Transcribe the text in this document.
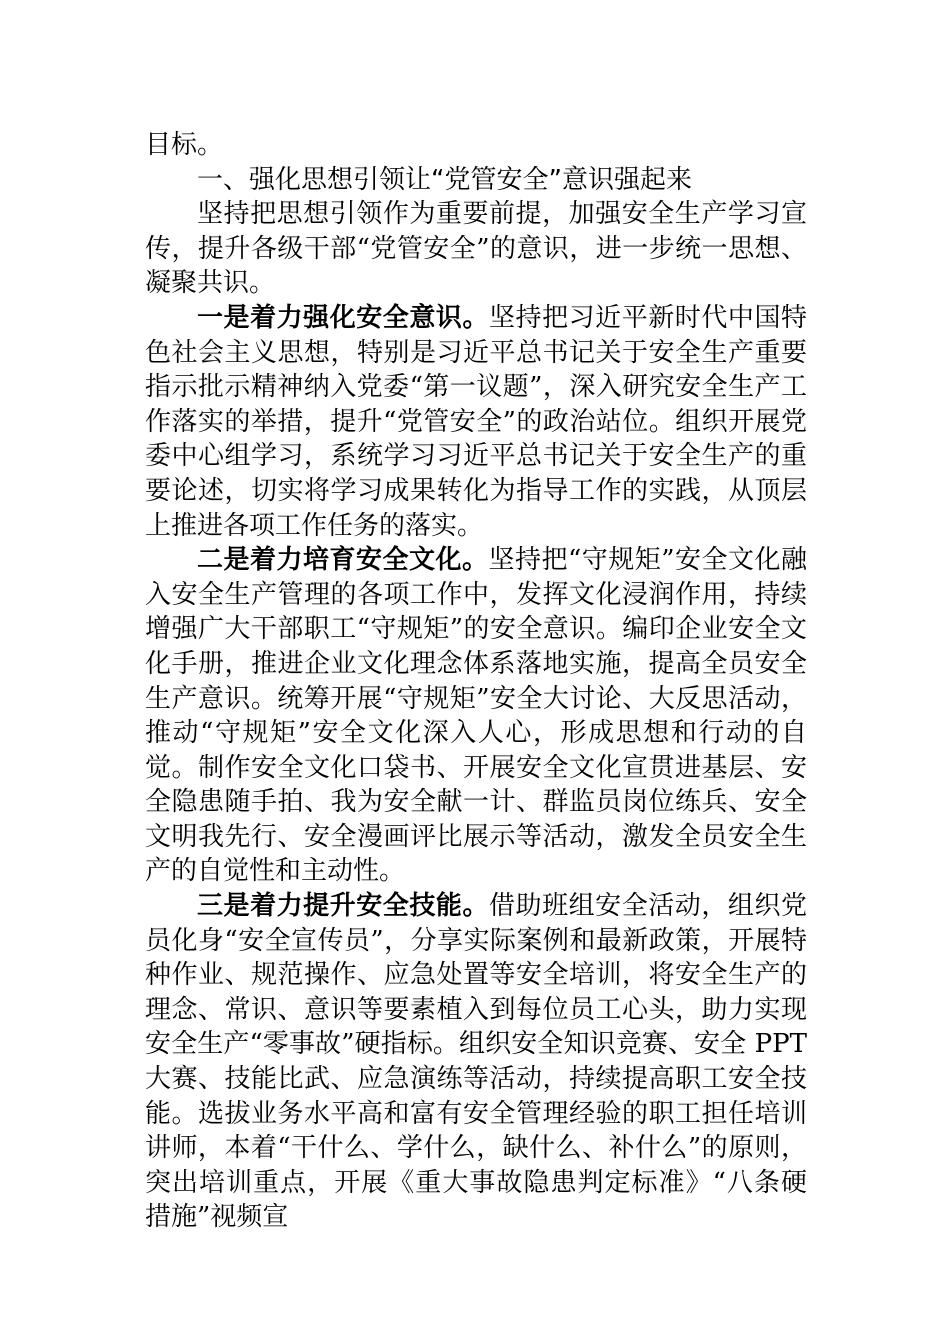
目标。

一、强化思想引领让“党管安全”意识强起来

坚持把思想引领作为重要前提，加强安全生产学习宣传，提升各级干部“党管安全”的意识，进一步统一思想、凝聚共识。

一是着力强化安全意识。坚持把习近平新时代中国特色社会主义思想，特别是习近平总书记关于安全生产重要指示批示精神纳入党委“第一议题”，深入研究安全生产工作落实的举措，提升“党管安全”的政治站位。组织开展党委中心组学习，系统学习习近平总书记关于安全生产的重要论述，切实将学习成果转化为指导工作的实践，从顶层上推进各项工作任务的落实。

二是着力培育安全文化。坚持把“守规矩”安全文化融入安全生产管理的各项工作中，发挥文化浸润作用，持续增强广大干部职工“守规矩”的安全意识。编印企业安全文化手册，推进企业文化理念体系落地实施，提高全员安全生产意识。统筹开展“守规矩”安全大讨论、大反思活动，推动“守规矩”安全文化深入人心，形成思想和行动的自觉。制作安全文化口袋书、开展安全文化宣贯进基层、安全隐患随手拍、我为安全献一计、群监员岗位练兵、安全文明我先行、安全漫画评比展示等活动，激发全员安全生产的自觉性和主动性。

三是着力提升安全技能。借助班组安全活动，组织党员化身“安全宣传员”，分享实际案例和最新政策，开展特种作业、规范操作、应急处置等安全培训，将安全生产的理念、常识、意识等要素植入到每位员工心头，助力实现安全生产“零事故”硬指标。组织安全知识竞赛、安全 PPT 大赛、技能比武、应急演练等活动，持续提高职工安全技能。选拔业务水平高和富有安全管理经验的职工担任培训讲师，本着“干什么、学什么，缺什么、补什么”的原则，突出培训重点，开展《重大事故隐患判定标准》“八条硬措施”视频宣
